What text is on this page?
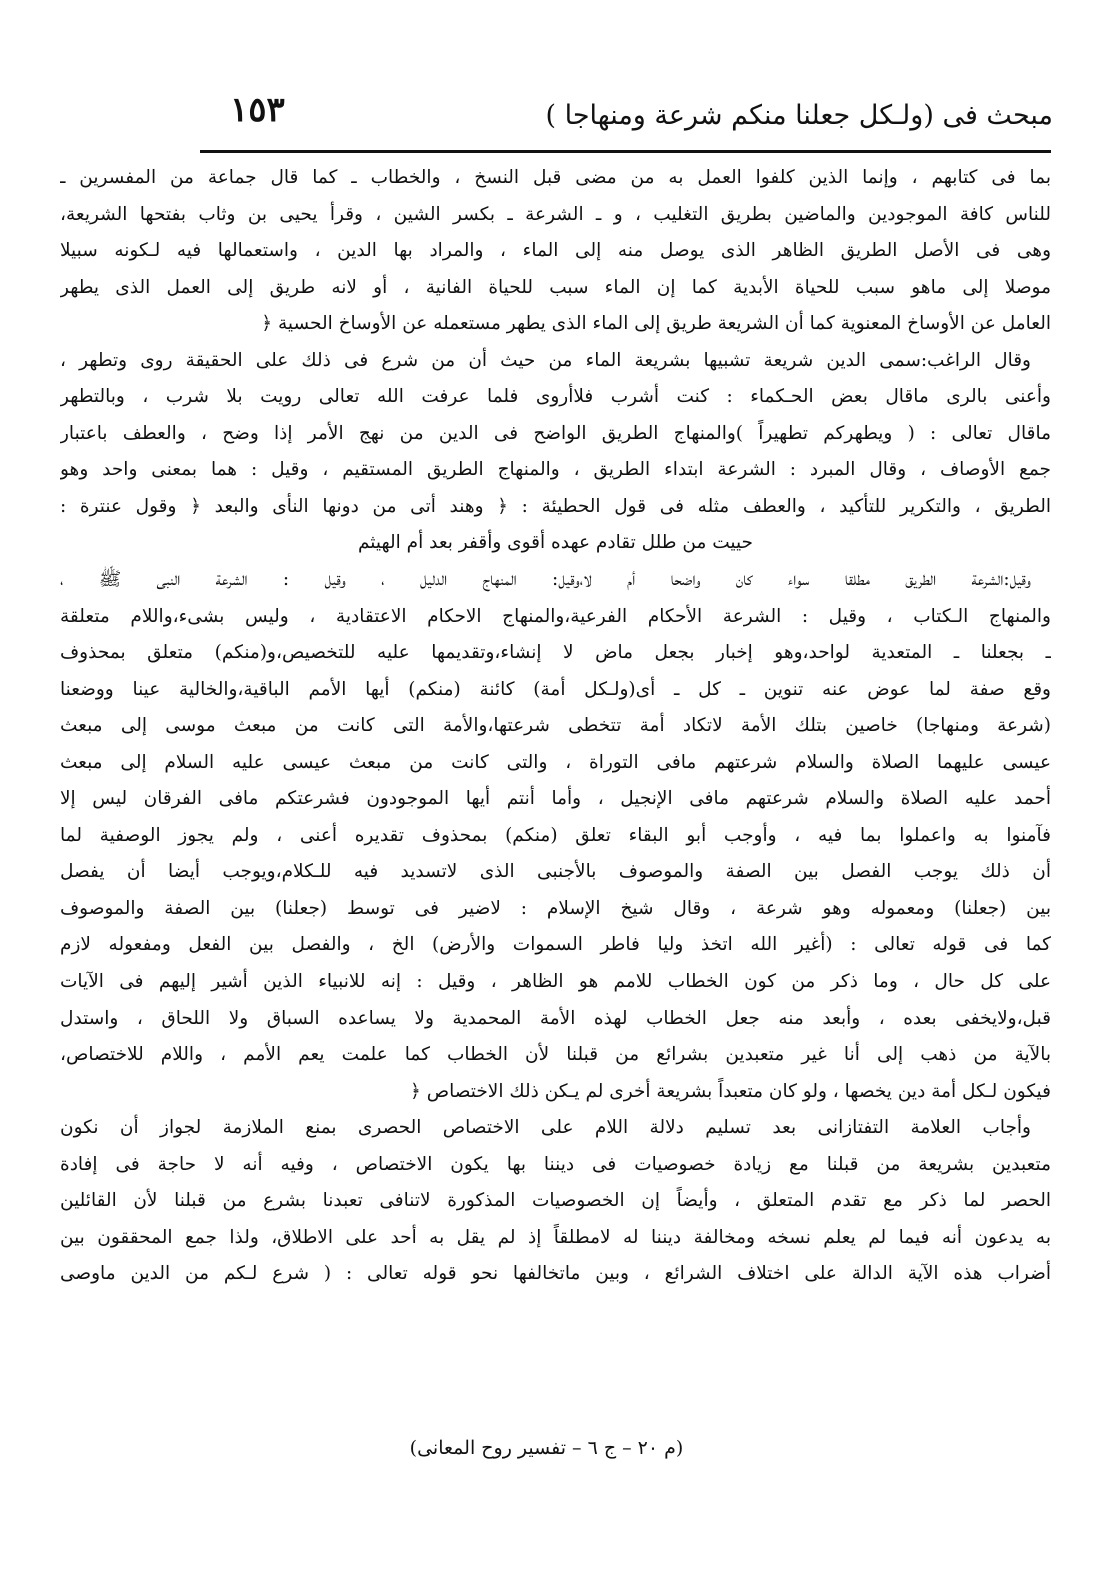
مبحث فى (ولـكل جعلنا منكم شرعة ومنهاجا )
١٥٣
بما فى كتابهم ، وإنما الذين كلفوا العمل به من مضى قبل النسخ ، والخطاب ـ كما قال جماعة من المفسرين ـ
للناس كافة الموجودين والماضين بطريق التغليب ، و ـ الشرعة ـ بكسر الشين ، وقرأ يحيى بن وثاب بفتحها الشريعة،
وهى فى الأصل الطريق الظاهر الذى يوصل منه إلى الماء ، والمراد بها الدين ، واستعمالها فيه لـكونه سبيلا
موصلا إلى ماهو سبب للحياة الأبدية كما إن الماء سبب للحياة الفانية ، أو لانه طريق إلى العمل الذى يطهر
العامل عن الأوساخ المعنوية كما أن الشريعة طريق إلى الماء الذى يطهر مستعمله عن الأوساخ الحسية ﴿
وقال الراغب:سمى الدين شريعة تشبيها بشريعة الماء من حيث أن من شرع فى ذلك على الحقيقة روى وتطهر ،
وأعنى بالرى ماقال بعض الحـكماء : كنت أشرب فلاأروى فلما عرفت الله تعالى رويت بلا شرب ، وبالتطهر
ماقال تعالى : ( ويطهركم تطهيراً )والمنهاج الطريق الواضح فى الدين من نهج الأمر إذا وضح ، والعطف باعتبار
جمع الأوصاف ، وقال المبرد : الشرعة ابتداء الطريق ، والمنهاج الطريق المستقيم ، وقيل : هما بمعنى واحد وهو
الطريق ، والتكرير للتأكيد ، والعطف مثله فى قول الحطيئة : ﴿ وهند أتى من دونها النأى والبعد ﴿ وقول عنترة :
حييت من طلل تقادم عهده أقوى وأقفر بعد أم الهيثم
وقيل:الشرعة الطريق مطلقا سواء كان واضحا أم لا،وقيل: المنهاج الدليل ، وقيل : الشرعة النبى ﷺ ،
والمنهاج الـكتاب ، وقيل : الشرعة الأحكام الفرعية،والمنهاج الاحكام الاعتقادية ، وليس بشىء،واللام متعلقة
ـ بجعلنا ـ المتعدية لواحد،وهو إخبار بجعل ماض لا إنشاء،وتقديمها عليه للتخصيص،و(منكم) متعلق بمحذوف
وقع صفة لما عوض عنه تنوين ـ كل ـ أى(ولـكل أمة) كائنة (منكم) أيها الأمم الباقية،والخالية عينا ووضعنا
(شرعة ومنهاجا) خاصين بتلك الأمة لاتكاد أمة تتخطى شرعتها،والأمة التى كانت من مبعث موسى إلى مبعث
عيسى عليهما الصلاة والسلام شرعتهم مافى التوراة ، والتى كانت من مبعث عيسى عليه السلام إلى مبعث
أحمد عليه الصلاة والسلام شرعتهم مافى الإنجيل ، وأما أنتم أيها الموجودون فشرعتكم مافى الفرقان ليس إلا
فآمنوا به واعملوا بما فيه ، وأوجب أبو البقاء تعلق (منكم) بمحذوف تقديره أعنى ، ولم يجوز الوصفية لما
أن ذلك يوجب الفصل بين الصفة والموصوف بالأجنبى الذى لاتسديد فيه للـكلام،ويوجب أيضا أن يفصل
بين (جعلنا) ومعموله وهو شرعة ، وقال شيخ الإسلام : لاضير فى توسط (جعلنا) بين الصفة والموصوف
كما فى قوله تعالى : (أغير الله اتخذ وليا فاطر السموات والأرض) الخ ، والفصل بين الفعل ومفعوله لازم
على كل حال ، وما ذكر من كون الخطاب للامم هو الظاهر ، وقيل : إنه للانبياء الذين أشير إليهم فى الآيات
قبل،ولايخفى بعده ، وأبعد منه جعل الخطاب لهذه الأمة المحمدية ولا يساعده السباق ولا اللحاق ، واستدل
بالآية من ذهب إلى أنا غير متعبدين بشرائع من قبلنا لأن الخطاب كما علمت يعم الأمم ، واللام للاختصاص،
فيكون لـكل أمة دين يخصها ، ولو كان متعبداً بشريعة أخرى لم يـكن ذلك الاختصاص ﴿
وأجاب العلامة التفتازانى بعد تسليم دلالة اللام على الاختصاص الحصرى بمنع الملازمة لجواز أن نكون
متعبدين بشريعة من قبلنا مع زيادة خصوصيات فى ديننا بها يكون الاختصاص ، وفيه أنه لا حاجة فى إفادة
الحصر لما ذكر مع تقدم المتعلق ، وأيضاً إن الخصوصيات المذكورة لاتنافى تعبدنا بشرع من قبلنا لأن القائلين
به يدعون أنه فيما لم يعلم نسخه ومخالفة ديننا له لامطلقاً إذ لم يقل به أحد على الاطلاق، ولذا جمع المحققون بين
أضراب هذه الآية الدالة على اختلاف الشرائع ، وبين ماتخالفها نحو قوله تعالى : ( شرع لـكم من الدين ماوصى
(م ٢٠ – ج ٦ – تفسير روح المعانى)
